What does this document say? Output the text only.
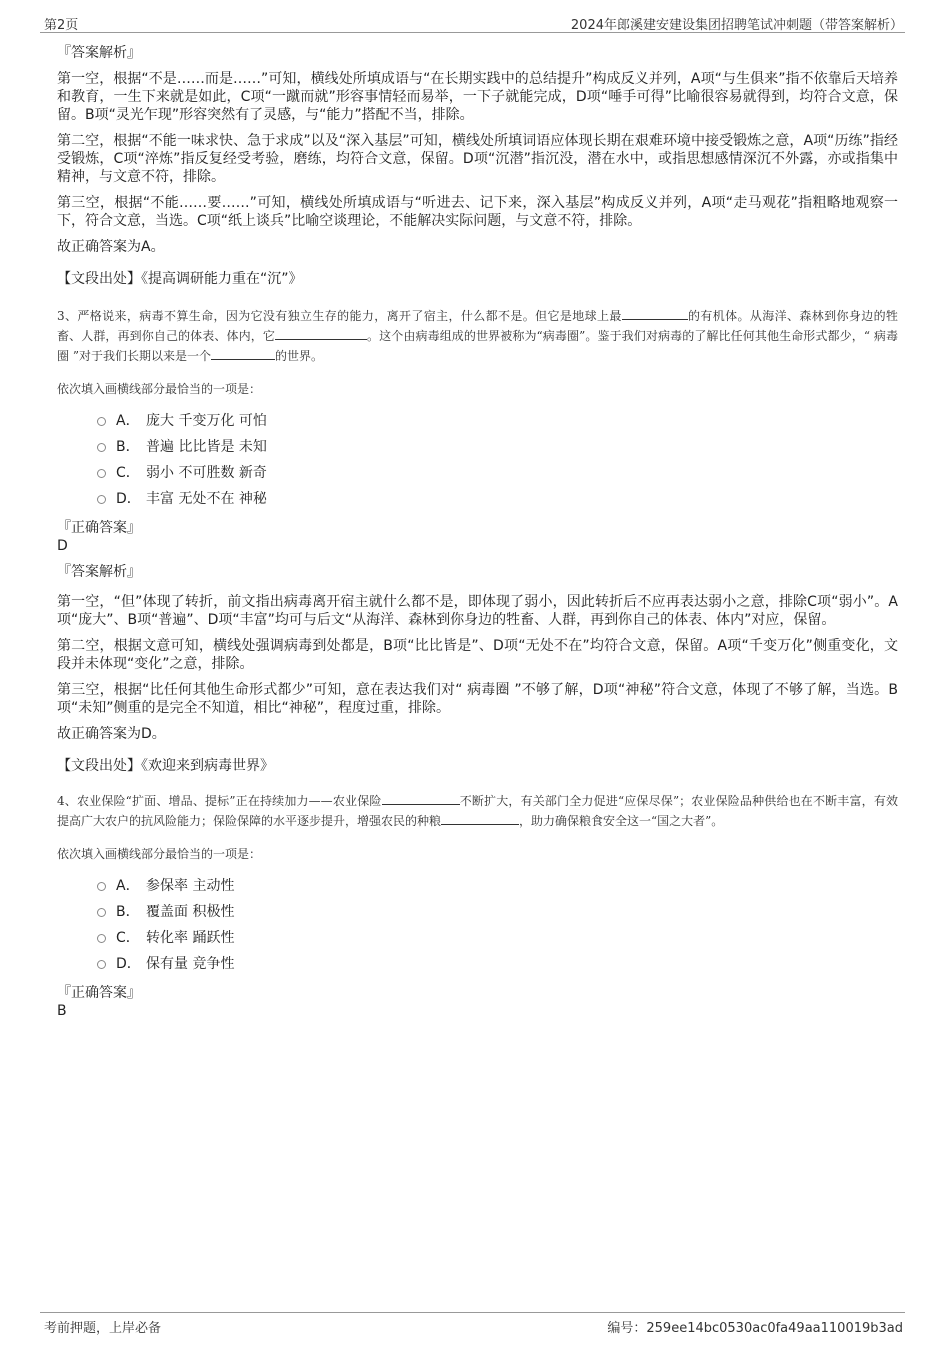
第2页	2024年郎溪建安建设集团招聘笔试冲刺题（带答案解析）

『答案解析』

第一空，根据“不是……而是……”可知，横线处所填成语与“在长期实践中的总结提升”构成反义并列，A项“与生俱来”指不依靠后天培养和教育，一生下来就是如此，C项“一蹴而就”形容事情轻而易举，一下子就能完成，D项“唾手可得”比喻很容易就得到，均符合文意，保留。B项“灵光乍现”形容突然有了灵感，与“能力”搭配不当，排除。

第二空，根据“不能一味求快、急于求成”以及“深入基层”可知，横线处所填词语应体现长期在艰难环境中接受锻炼之意，A项“历练”指经受锻炼，C项“淬炼”指反复经受考验，磨练，均符合文意，保留。D项“沉潜”指沉没，潜在水中，或指思想感情深沉不外露，亦或指集中精神，与文意不符，排除。

第三空，根据“不能……要……”可知，横线处所填成语与“听进去、记下来，深入基层”构成反义并列，A项“走马观花”指粗略地观察一下，符合文意，当选。C项“纸上谈兵”比喻空谈理论，不能解决实际问题，与文意不符，排除。

故正确答案为A。

【文段出处】《提高调研能力重在“沉”》

3、严格说来，病毒不算生命，因为它没有独立生存的能力，离开了宿主，什么都不是。但它是地球上最	的有机体。从海洋、森林到你身边的牲畜、人群，再到你自己的体表、体内，它	。这个由病毒组成的世界被称为“病毒圈”。鉴于我们对病毒的了解比任何其他生命形式都少，“ 病毒圈 ”对于我们长期以来是一个	的世界。

依次填入画横线部分最恰当的一项是：

A． 庞大 千变万化 可怕
B． 普遍 比比皆是 未知
C． 弱小 不可胜数 新奇
D． 丰富 无处不在 神秘

『正确答案』

D

『答案解析』

第一空，“但”体现了转折，前文指出病毒离开宿主就什么都不是，即体现了弱小，因此转折后不应再表达弱小之意，排除C项“弱小”。A项“庞大”、B项“普遍”、D项“丰富”均可与后文“从海洋、森林到你身边的牲畜、人群，再到你自己的体表、体内”对应，保留。

第二空，根据文意可知，横线处强调病毒到处都是，B项“比比皆是”、D项“无处不在”均符合文意，保留。A项“千变万化”侧重变化，文段并未体现“变化”之意，排除。

第三空，根据“比任何其他生命形式都少”可知，意在表达我们对“ 病毒圈 ”不够了解，D项“神秘”符合文意，体现了不够了解，当选。B项“未知”侧重的是完全不知道，相比“神秘”，程度过重，排除。

故正确答案为D。

【文段出处】《欢迎来到病毒世界》

4、农业保险“扩面、增品、提标”正在持续加力——农业保险	不断扩大，有关部门全力促进“应保尽保”；农业保险品种供给也在不断丰富，有效提高广大农户的抗风险能力；保险保障的水平逐步提升，增强农民的种粮	，助力确保粮食安全这一“国之大者”。

依次填入画横线部分最恰当的一项是：

A． 参保率 主动性
B． 覆盖面 积极性
C． 转化率 踊跃性
D． 保有量 竞争性

『正确答案』

B

考前押题，上岸必备	编号：259ee14bc0530ac0fa49aa110019b3ad
